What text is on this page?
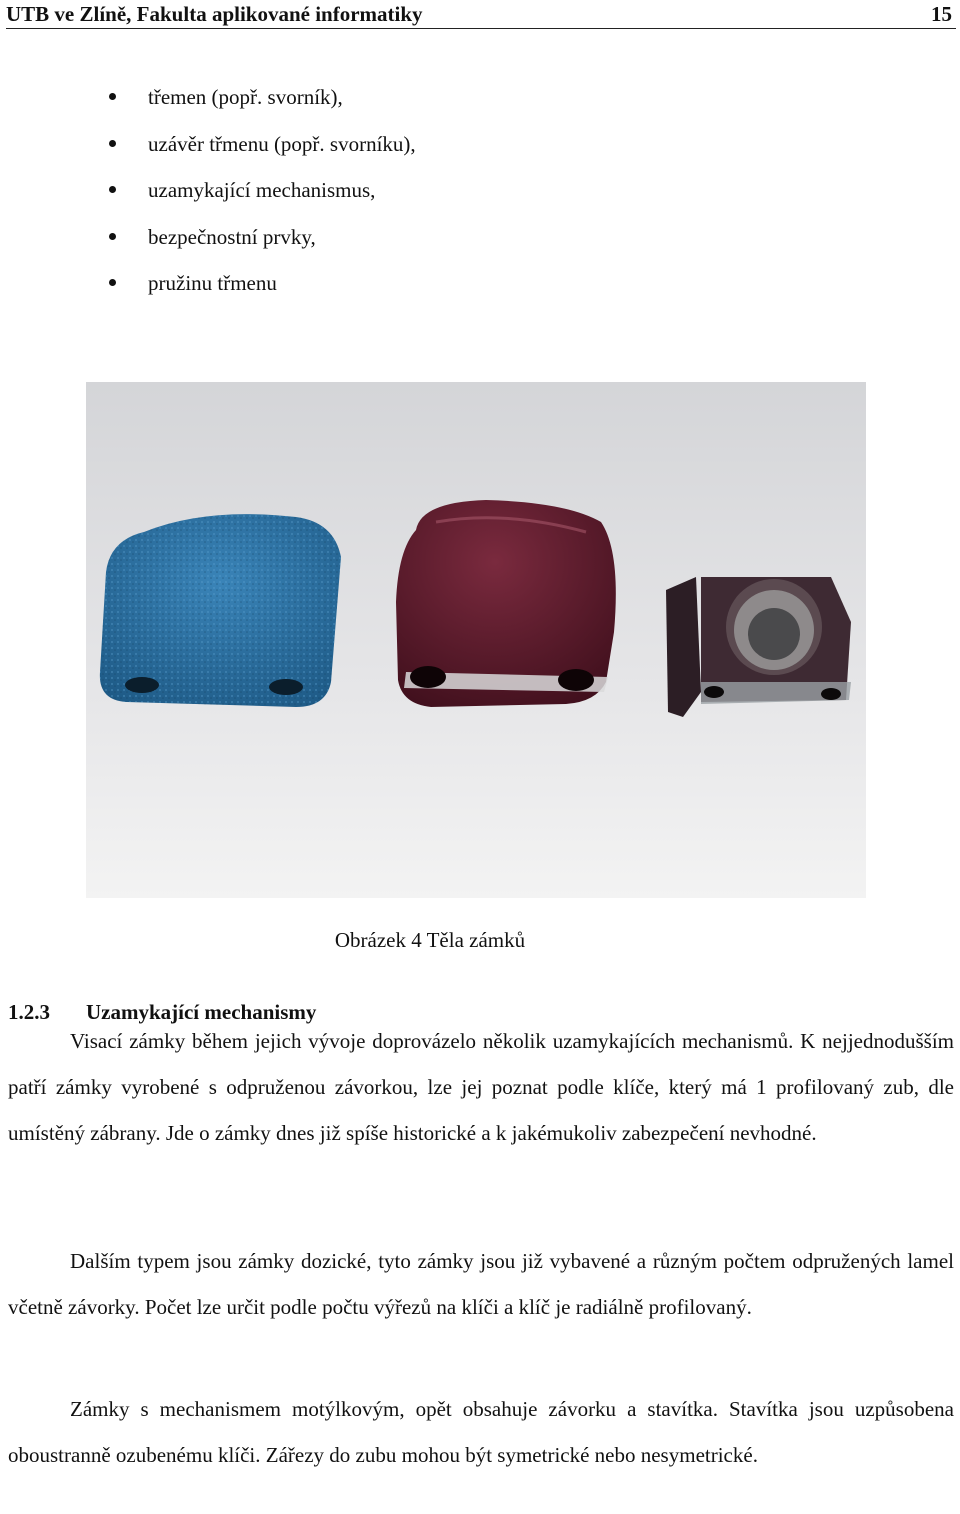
UTB ve Zlíně, Fakulta aplikované informatiky	15
třemen (popř. svorník),
uzávěr třmenu (popř. svorníku),
uzamykající mechanismus,
bezpečnostní prvky,
pružinu třmenu
Obrázek 4 Těla zámků
1.2.3 Uzamykající mechanismy

Visací zámky během jejich vývoje doprovázelo několik uzamykajících mechanismů. K nejjednodušším patří zámky vyrobené s odpruženou závorkou, lze jej poznat podle klíče, který má 1 profilovaný zub, dle umístěný zábrany. Jde o zámky dnes již spíše historické a k jakémukoliv zabezpečení nevhodné.

Dalším typem jsou zámky dozické, tyto zámky jsou již vybavené a různým počtem odpružených lamel včetně závorky. Počet lze určit podle počtu výřezů na klíči a klíč je radiálně profilovaný.

Zámky s mechanismem motýlkovým, opět obsahuje závorku a stavítka. Stavítka jsou uzpůsobena oboustranně ozubenému klíči. Zářezy do zubu mohou být symetrické nebo nesymetrické.
